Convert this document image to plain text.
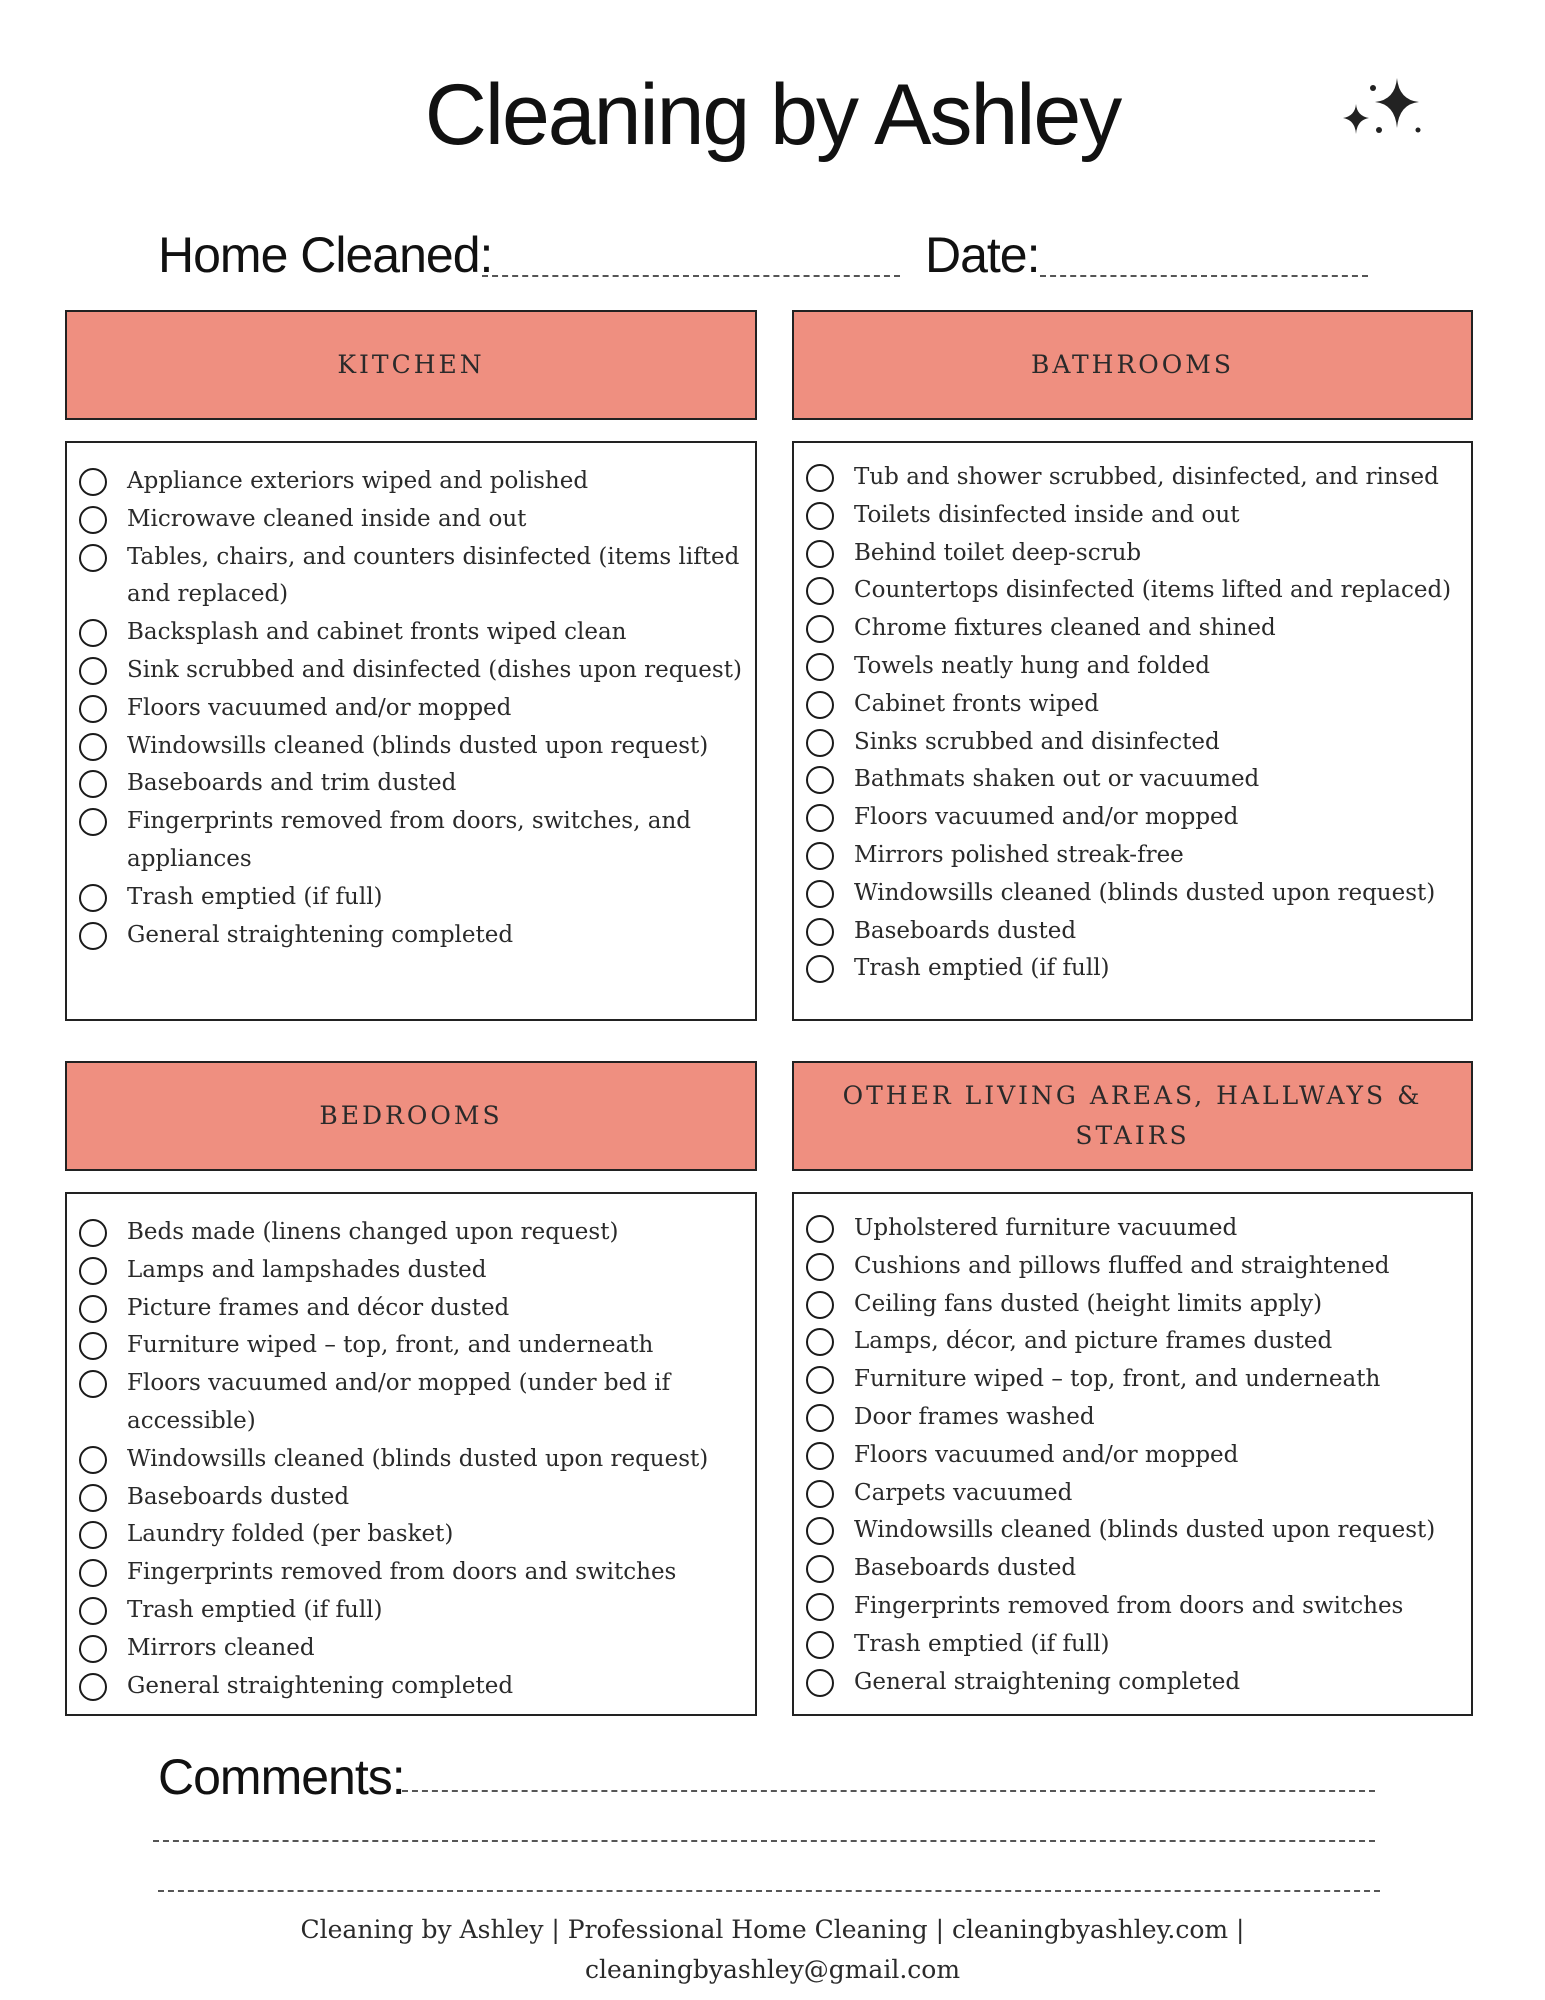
Cleaning by Ashley
Home Cleaned:	Date:
KITCHEN
Appliance exteriors wiped and polished
Microwave cleaned inside and out
Tables, chairs, and counters disinfected (items lifted and replaced)
Backsplash and cabinet fronts wiped clean
Sink scrubbed and disinfected (dishes upon request)
Floors vacuumed and/or mopped
Windowsills cleaned (blinds dusted upon request)
Baseboards and trim dusted
Fingerprints removed from doors, switches, and appliances
Trash emptied (if full)
General straightening completed
BATHROOMS
Tub and shower scrubbed, disinfected, and rinsed
Toilets disinfected inside and out
Behind toilet deep-scrub
Countertops disinfected (items lifted and replaced)
Chrome fixtures cleaned and shined
Towels neatly hung and folded
Cabinet fronts wiped
Sinks scrubbed and disinfected
Bathmats shaken out or vacuumed
Floors vacuumed and/or mopped
Mirrors polished streak-free
Windowsills cleaned (blinds dusted upon request)
Baseboards dusted
Trash emptied (if full)
BEDROOMS
Beds made (linens changed upon request)
Lamps and lampshades dusted
Picture frames and décor dusted
Furniture wiped – top, front, and underneath
Floors vacuumed and/or mopped (under bed if accessible)
Windowsills cleaned (blinds dusted upon request)
Baseboards dusted
Laundry folded (per basket)
Fingerprints removed from doors and switches
Trash emptied (if full)
Mirrors cleaned
General straightening completed
OTHER LIVING AREAS, HALLWAYS & STAIRS
Upholstered furniture vacuumed
Cushions and pillows fluffed and straightened
Ceiling fans dusted (height limits apply)
Lamps, décor, and picture frames dusted
Furniture wiped – top, front, and underneath
Door frames washed
Floors vacuumed and/or mopped
Carpets vacuumed
Windowsills cleaned (blinds dusted upon request)
Baseboards dusted
Fingerprints removed from doors and switches
Trash emptied (if full)
General straightening completed
Comments:
Cleaning by Ashley | Professional Home Cleaning | cleaningbyashley.com |
cleaningbyashley@gmail.com
